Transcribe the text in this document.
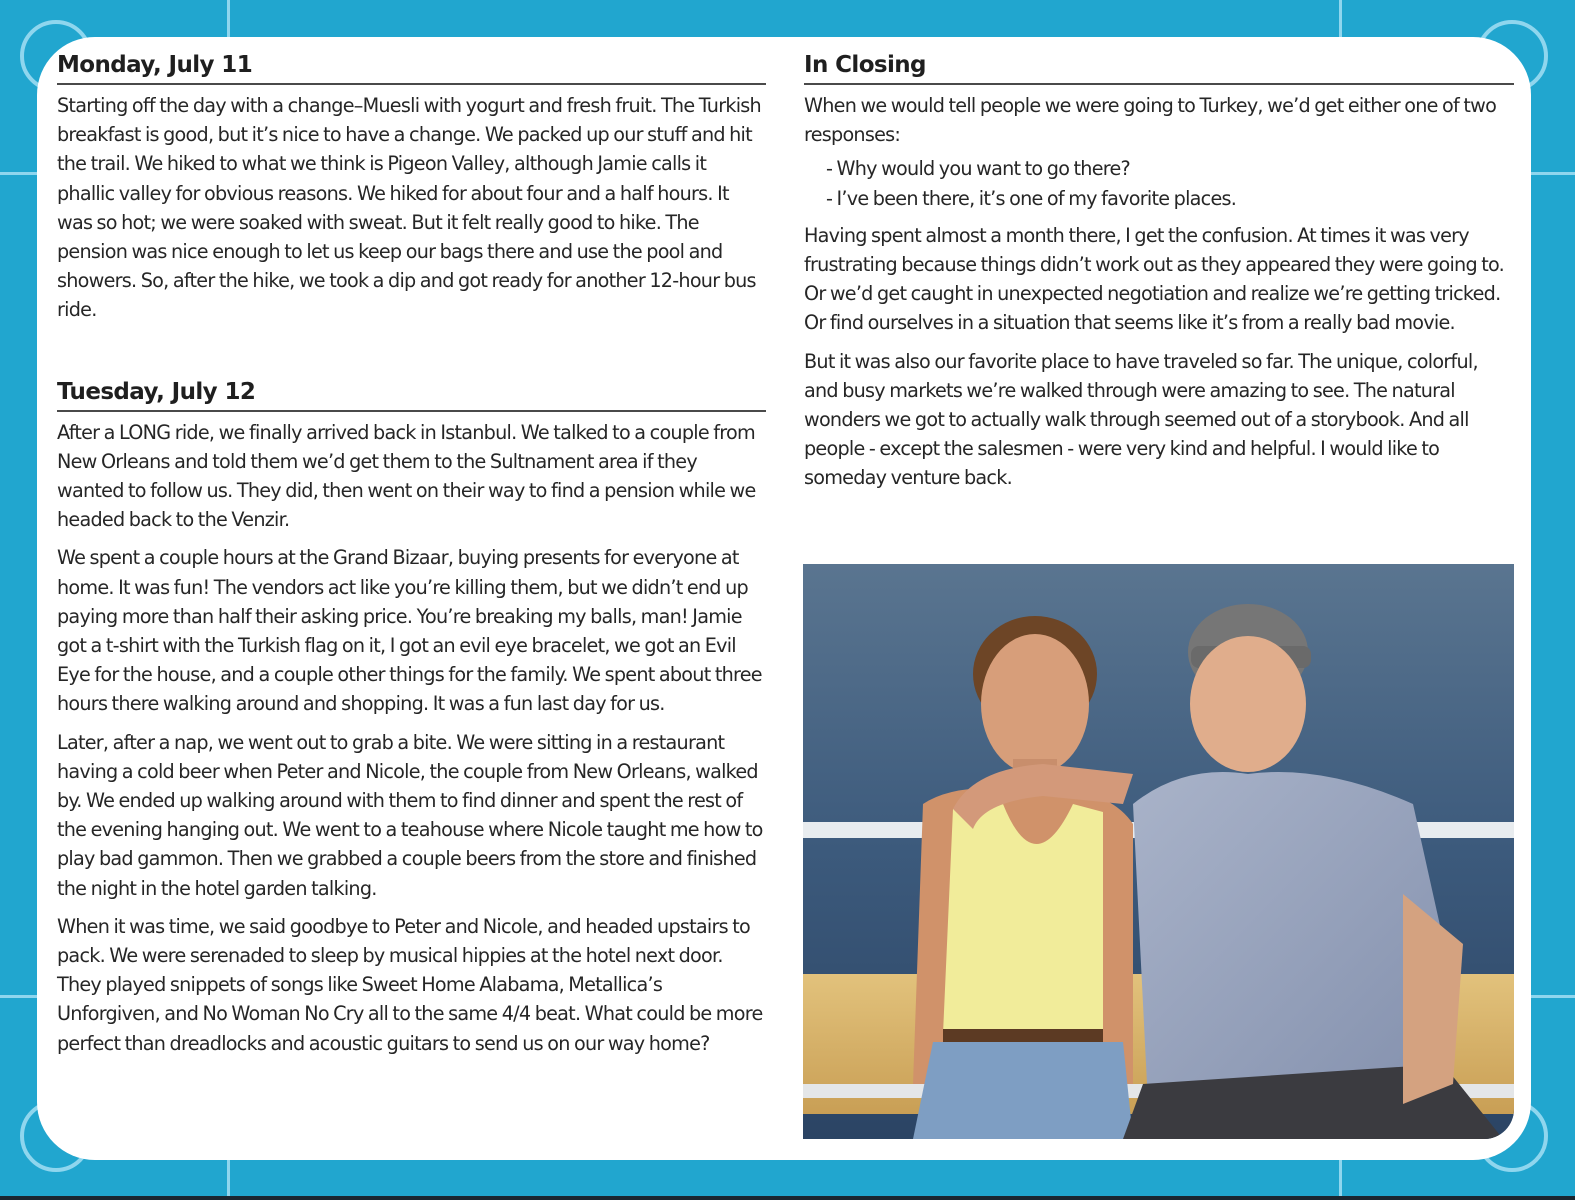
Monday, July 11

Starting off the day with a change–Muesli with yogurt and fresh fruit. The Turkish breakfast is good, but it’s nice to have a change. We packed up our stuff and hit the trail. We hiked to what we think is Pigeon Valley, although Jamie calls it phallic valley for obvious reasons. We hiked for about four and a half hours. It was so hot; we were soaked with sweat. But it felt really good to hike. The pension was nice enough to let us keep our bags there and use the pool and showers. So, after the hike, we took a dip and got ready for another 12-hour bus ride.

Tuesday, July 12

After a LONG ride, we finally arrived back in Istanbul. We talked to a couple from New Orleans and told them we’d get them to the Sultnament area if they wanted to follow us. They did, then went on their way to find a pension while we headed back to the Venzir.

We spent a couple hours at the Grand Bizaar, buying presents for everyone at home. It was fun! The vendors act like you’re killing them, but we didn’t end up paying more than half their asking price. You’re breaking my balls, man! Jamie got a t-shirt with the Turkish flag on it, I got an evil eye bracelet, we got an Evil Eye for the house, and a couple other things for the family. We spent about three hours there walking around and shopping. It was a fun last day for us.

Later, after a nap, we went out to grab a bite. We were sitting in a restaurant having a cold beer when Peter and Nicole, the couple from New Orleans, walked by. We ended up walking around with them to find dinner and spent the rest of the evening hanging out. We went to a teahouse where Nicole taught me how to play bad gammon. Then we grabbed a couple beers from the store and finished the night in the hotel garden talking.

When it was time, we said goodbye to Peter and Nicole, and headed upstairs to pack. We were serenaded to sleep by musical hippies at the hotel next door. They played snippets of songs like Sweet Home Alabama, Metallica’s Unforgiven, and No Woman No Cry all to the same 4/4 beat. What could be more perfect than dreadlocks and acoustic guitars to send us on our way home?

In Closing

When we would tell people we were going to Turkey, we’d get either one of two responses:

- Why would you want to go there?
- I’ve been there, it’s one of my favorite places.

Having spent almost a month there, I get the confusion. At times it was very frustrating because things didn’t work out as they appeared they were going to. Or we’d get caught in unexpected negotiation and realize we’re getting tricked. Or find ourselves in a situation that seems like it’s from a really bad movie.

But it was also our favorite place to have traveled so far. The unique, colorful, and busy markets we’re walked through were amazing to see. The natural wonders we got to actually walk through seemed out of a storybook. And all people - except the salesmen - were very kind and helpful. I would like to someday venture back.
